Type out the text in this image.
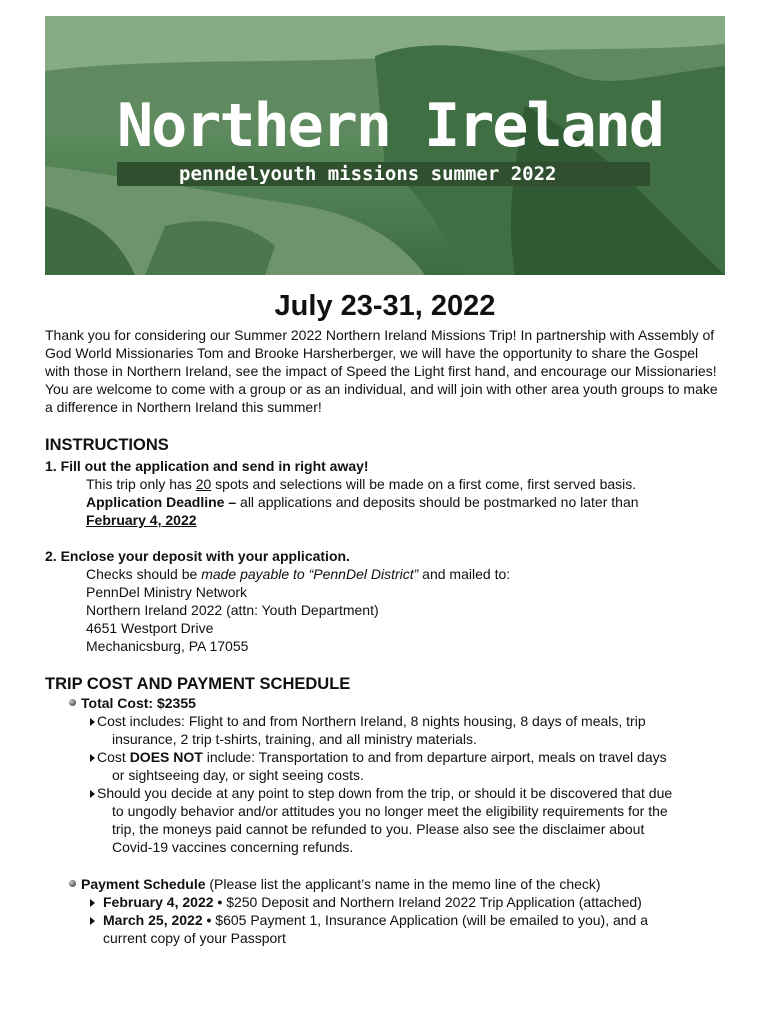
Northern Ireland
penndelyouth missions summer 2022
July 23-31, 2022

Thank you for considering our Summer 2022 Northern Ireland Missions Trip! In partnership with Assembly of God World Missionaries Tom and Brooke Harsherberger, we will have the opportunity to share the Gospel with those in Northern Ireland, see the impact of Speed the Light first hand, and encourage our Missionaries! You are welcome to come with a group or as an individual, and will join with other area youth groups to make a difference in Northern Ireland this summer!

INSTRUCTIONS
1. Fill out the application and send in right away!
This trip only has 20 spots and selections will be made on a first come, first served basis.
Application Deadline – all applications and deposits should be postmarked no later than
February 4, 2022
2. Enclose your deposit with your application.
Checks should be made payable to “PennDel District” and mailed to:
PennDel Ministry Network
Northern Ireland 2022 (attn: Youth Department)
4651 Westport Drive
Mechanicsburg, PA 17055
TRIP COST AND PAYMENT SCHEDULE
Total Cost: $2355
Cost includes: Flight to and from Northern Ireland, 8 nights housing, 8 days of meals, trip
insurance, 2 trip t-shirts, training, and all ministry materials.
Cost DOES NOT include: Transportation to and from departure airport, meals on travel days
or sightseeing day, or sight seeing costs.
Should you decide at any point to step down from the trip, or should it be discovered that due
to ungodly behavior and/or attitudes you no longer meet the eligibility requirements for the
trip, the moneys paid cannot be refunded to you. Please also see the disclaimer about
Covid-19 vaccines concerning refunds.
Payment Schedule (Please list the applicant’s name in the memo line of the check)
February 4, 2022 • $250 Deposit and Northern Ireland 2022 Trip Application (attached)
March 25, 2022 • $605 Payment 1, Insurance Application (will be emailed to you), and a
current copy of your Passport
